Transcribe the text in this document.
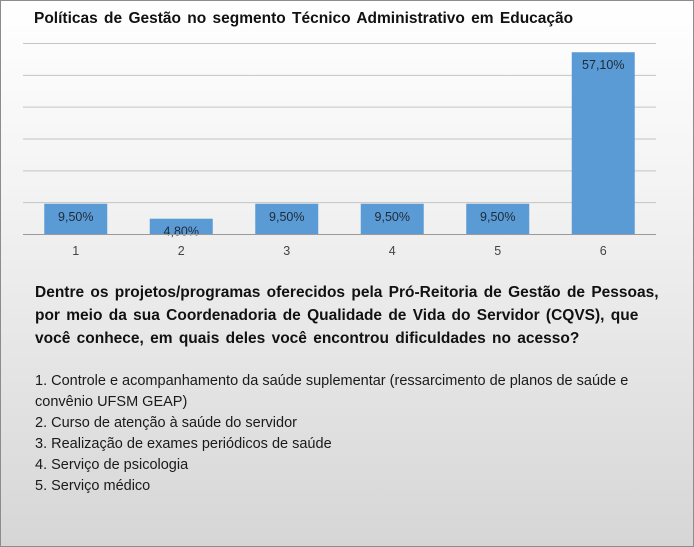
Políticas de Gestão no segmento Técnico Administrativo em Educação
9,50%
1
4,80%
2
9,50%
3
9,50%
4
9,50%
5
57,10%
6
Dentre os projetos/programas oferecidos pela Pró-Reitoria de Gestão de Pessoas, por meio da sua Coordenadoria de Qualidade de Vida do Servidor (CQVS), que você conhece, em quais deles você encontrou dificuldades no acesso?
1. Controle e acompanhamento da saúde suplementar (ressarcimento de planos de saúde e convênio UFSM GEAP)
2. Curso de atenção à saúde do servidor
3. Realização de exames periódicos de saúde
4. Serviço de psicologia
5. Serviço médico
